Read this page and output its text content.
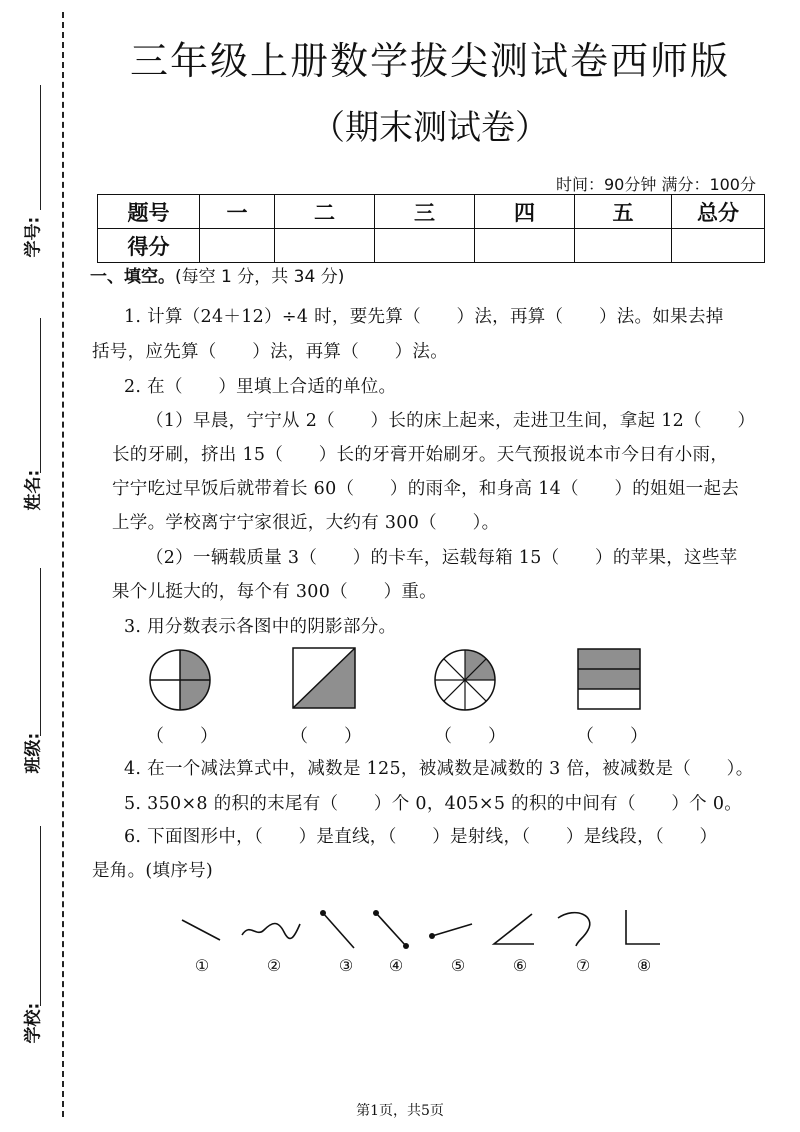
学号:
姓名:
班级:
学校:
三年级上册数学拔尖测试卷西师版
（期末测试卷）
时间：90分钟 满分：100分
题号	一	二	三	四	五	总分
得分						
一、填空。(每空 1 分，共 34 分)
1. 计算（24＋12）÷4 时，要先算（　　）法，再算（　　）法。如果去掉
括号，应先算（　　）法，再算（　　）法。
2. 在（　　）里填上合适的单位。
（1）早晨，宁宁从 2（　　）长的床上起来，走进卫生间，拿起 12（　　）
长的牙刷，挤出 15（　　）长的牙膏开始刷牙。天气预报说本市今日有小雨，
宁宁吃过早饭后就带着长 60（　　）的雨伞，和身高 14（　　）的姐姐一起去
上学。学校离宁宁家很近，大约有 300（　　）。
（2）一辆载质量 3（　　）的卡车，运载每箱 15（　　）的苹果，这些苹
果个儿挺大的，每个有 300（　　）重。
3. 用分数表示各图中的阴影部分。
（　　）	（　　）	（　　）	（　　）
4. 在一个减法算式中，减数是 125，被减数是减数的 3 倍，被减数是（　　）。
5. 350×8 的积的末尾有（　　）个 0，405×5 的积的中间有（　　）个 0。
6. 下面图形中，（　　）是直线，（　　）是射线，（　　）是线段，（　　）
是角。(填序号)
①	②	③ ④	⑤	⑥	⑦	⑧
第1页，共5页
